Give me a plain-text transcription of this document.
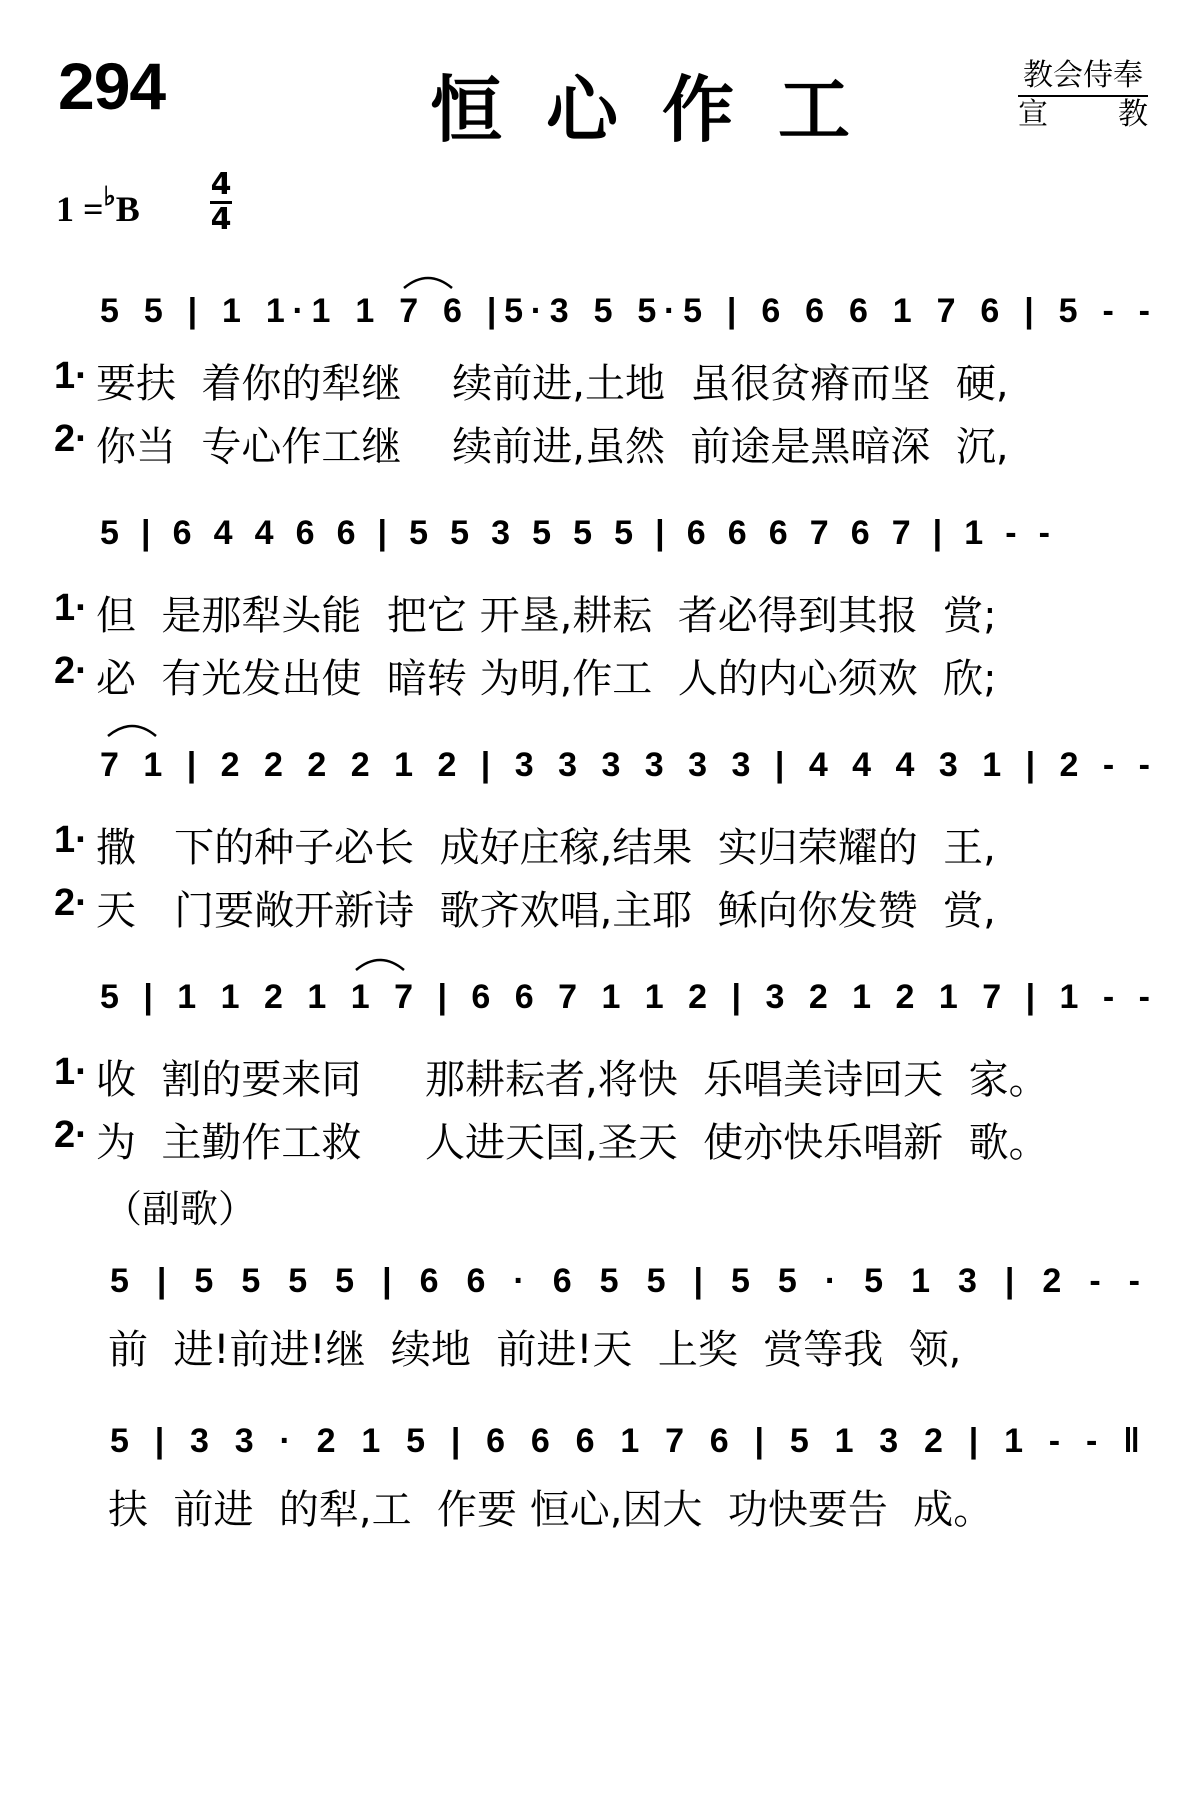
294	恒心作工	教会侍奉
宣 教
1 =♭B
4
4
5 5 | 1 1·1 1 7 6 |5·3 5 5·5 | 6 6 6 1 7 6 | 5 - -
5 | 6 4 4 6 6 | 5 5 3 5 5 5 | 6 6 6 7 6 7 | 1 - -
7 1 | 2 2 2 2 1 2 | 3 3 3 3 3 3 | 4 4 4 3 1 | 2 - -
5 | 1 1 2 1 1 7 | 6 6 7 1 1 2 | 3 2 1 2 1 7 | 1 - -
5 | 5 5 5 5 | 6 6 · 6 5 5 | 5 5 · 5 1 3 | 2 - -
5 | 3 3 · 2 1 5 | 6 6 6 1 7 6 | 5 1 3 2 | 1 - - ‖
1· 要扶  着你的犁继    续前进,土地  虽很贫瘠而坚  硬,
2· 你当  专心作工继    续前进,虽然  前途是黑暗深  沉,
1· 但  是那犁头能  把它 开垦,耕耘  者必得到其报  赏;
2· 必  有光发出使  暗转 为明,作工  人的内心须欢  欣;
1· 撒   下的种子必长  成好庄稼,结果  实归荣耀的  王,
2· 天   门要敞开新诗  歌齐欢唱,主耶  稣向你发赞  赏,
1· 收  割的要来同     那耕耘者,将快  乐唱美诗回天  家。
2· 为  主勤作工救     人进天国,圣天  使亦快乐唱新  歌。
（副歌）
前  进!前进!继  续地  前进!天  上奖  赏等我  领,
扶  前进  的犁,工  作要 恒心,因大  功快要告  成。
